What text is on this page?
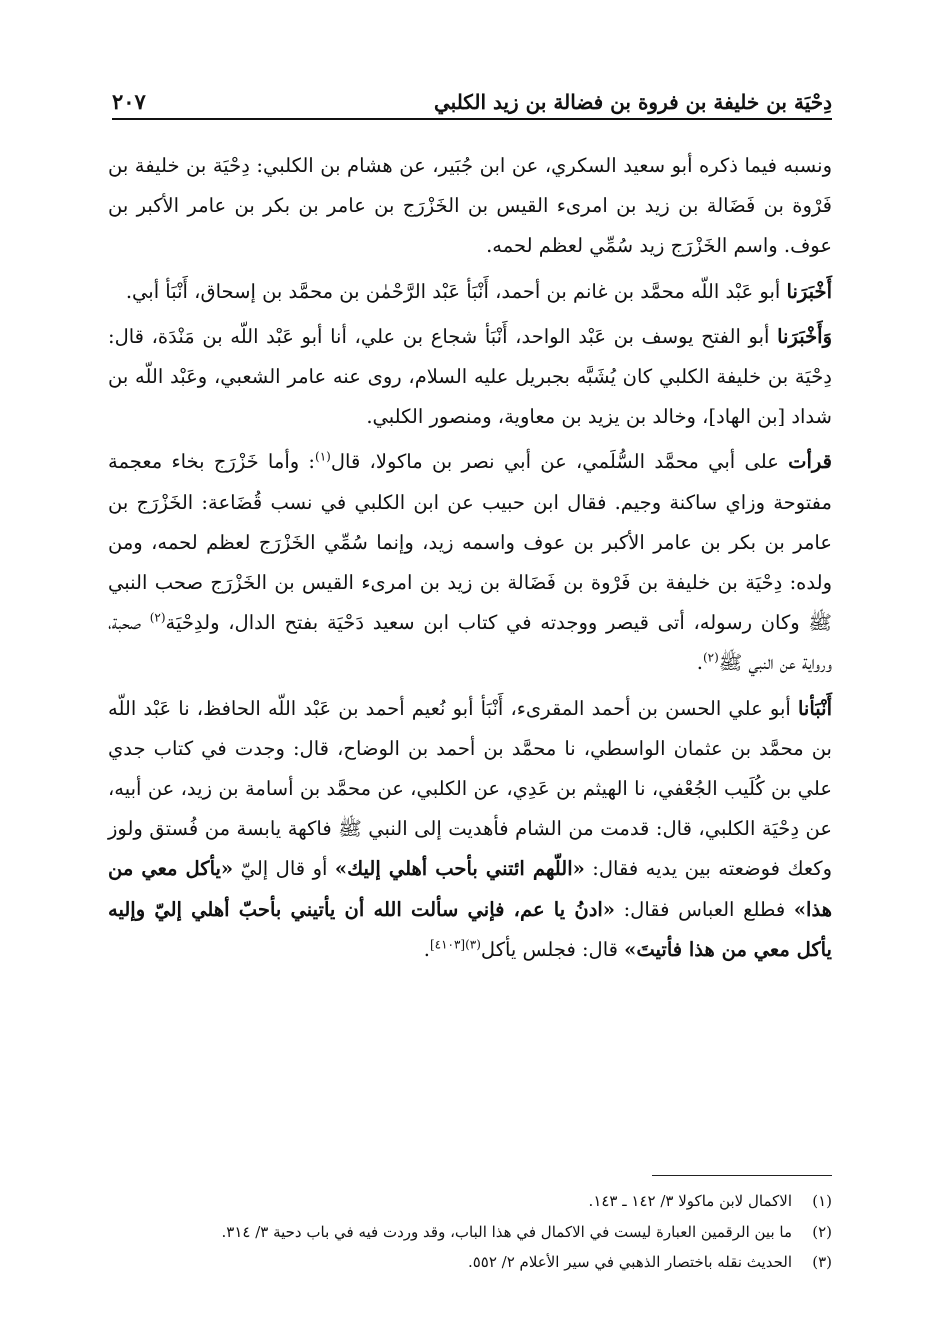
دِحْيَة بن خليفة بن فروة بن فضالة بن زيد الكلبي
٢٠٧

ونسبه فيما ذكره أبو سعيد السكري، عن ابن جُبَير، عن هشام بن الكلبي: دِحْيَة بن خليفة بن فَرْوة بن فَضَالة بن زيد بن امرىء القيس بن الخَزْرَج بن عامر بن بكر بن عامر الأكبر بن عوف. واسم الخَزْرَج زيد سُمِّي لعظم لحمه.

أَخْبَرَنا أبو عَبْد اللّه محمَّد بن غانم بن أحمد، أَنْبَأ عَبْد الرَّحْمٰن بن محمَّد بن إسحاق، أَنْبَأ أبي.

وَأَخْبَرَنا أبو الفتح يوسف بن عَبْد الواحد، أَنْبَأ شجاع بن علي، أنا أبو عَبْد اللّه بن مَنْدَة، قال: دِحْيَة بن خليفة الكلبي كان يُشَبَّه بجبريل عليه السلام، روى عنه عامر الشعبي، وعَبْد اللّه بن شداد [بن الهاد]، وخالد بن يزيد بن معاوية، ومنصور الكلبي.

قرأت على أبي محمَّد السُّلَمي، عن أبي نصر بن ماكولا، قال$^{(١)}$: وأما خَزْرَج بخاء معجمة مفتوحة وزاي ساكنة وجيم. فقال ابن حبيب عن ابن الكلبي في نسب قُضَاعة: الخَزْرَج بن عامر بن بكر بن عامر الأكبر بن عوف واسمه زيد، وإنما سُمِّي الخَزْرَج لعظم لحمه، ومن ولده: دِحْيَة بن خليفة بن فَرْوة بن فَضَالة بن زيد بن امرىء القيس بن الخَزْرَج صحب النبي ﷺ وكان رسوله، أتى قيصر ووجدته في كتاب ابن سعيد دَحْيَة بفتح الدال، ولدِحْيَة$^{(٢)}$ صحبة، ورواية عن النبي ﷺ$^{(٢)}$.

أَنْبَأنا أبو علي الحسن بن أحمد المقرىء، أَنْبَأ أبو نُعيم أحمد بن عَبْد اللّه الحافظ، نا عَبْد اللّه بن محمَّد بن عثمان الواسطي، نا محمَّد بن أحمد بن الوضاح، قال: وجدت في كتاب جدي علي بن كُلَيب الجُعْفي، نا الهيثم بن عَدِي، عن الكلبي، عن محمَّد بن أسامة بن زيد، عن أبيه، عن دِحْيَة الكلبي، قال: قدمت من الشام فأهديت إلى النبي ﷺ فاكهة يابسة من فُستق ولوز وكعك فوضعته بين يديه فقال: «اللّهم ائتني بأحب أهلي إليك» أو قال إليّ «يأكل معي من هذا» فطلع العباس فقال: «ادنُ يا عم، فإني سألت الله أن يأتيني بأحبّ أهلي إليّ وإليه يأكل معي من هذا فأتيتَ» قال: فجلس يأكل$^{(٣)[٤١٠٣]}$.

(١)
الاكمال لابن ماكولا ٣/ ١٤٢ ـ ١٤٣.
(٢)
ما بين الرقمين العبارة ليست في الاكمال في هذا الباب، وقد وردت فيه في باب دحية ٣/ ٣١٤.
(٣)
الحديث نقله باختصار الذهبي في سير الأعلام ٢/ ٥٥٢.
